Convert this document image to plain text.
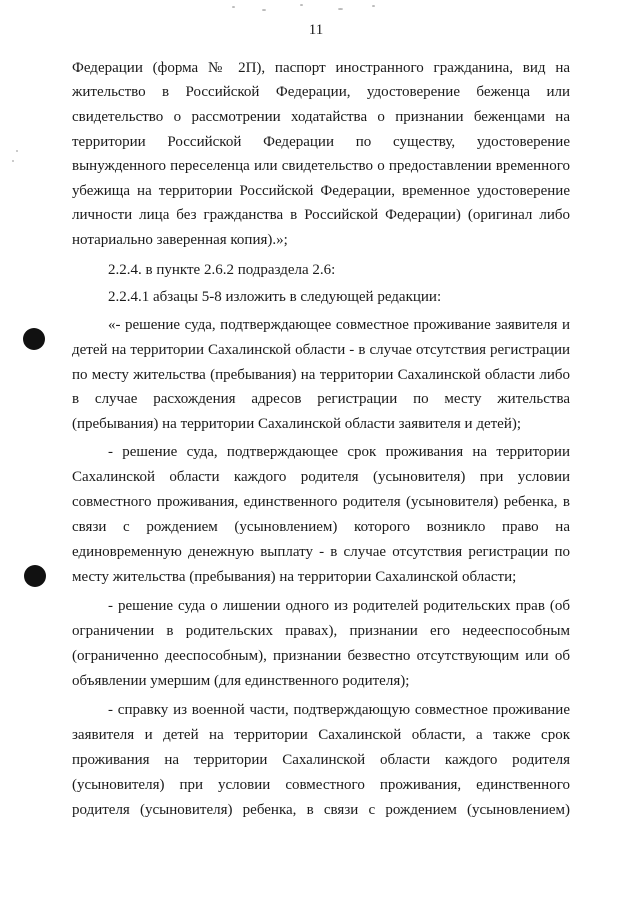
11
Федерации (форма № 2П), паспорт иностранного гражданина, вид на
жительство в Российской Федерации, удостоверение беженца или
свидетельство о рассмотрении ходатайства о признании беженцами на
территории Российской Федерации по существу, удостоверение
вынужденного переселенца или свидетельство о предоставлении временного
убежища на территории Российской Федерации, временное удостоверение
личности лица без гражданства в Российской Федерации) (оригинал либо
нотариально заверенная копия).»;
2.2.4. в пункте 2.6.2 подраздела 2.6:
2.2.4.1 абзацы 5-8 изложить в следующей редакции:
«- решение суда, подтверждающее совместное проживание заявителя и
детей на территории Сахалинской области - в случае отсутствия регистрации
по месту жительства (пребывания) на территории Сахалинской области либо
в случае расхождения адресов регистрации по месту жительства
(пребывания) на территории Сахалинской области заявителя и детей);
- решение суда, подтверждающее срок проживания на территории
Сахалинской области каждого родителя (усыновителя) при условии
совместного проживания, единственного родителя (усыновителя) ребенка, в
связи с рождением (усыновлением) которого возникло право на
единовременную денежную выплату - в случае отсутствия регистрации по
месту жительства (пребывания) на территории Сахалинской области;
- решение суда о лишении одного из родителей родительских прав (об
ограничении в родительских правах), признании его недееспособным
(ограниченно дееспособным), признании безвестно отсутствующим или об
объявлении умершим (для единственного родителя);
- справку из военной части, подтверждающую совместное проживание
заявителя и детей на территории Сахалинской области, а также срок
проживания на территории Сахалинской области каждого родителя
(усыновителя) при условии совместного проживания, единственного
родителя (усыновителя) ребенка, в связи с рождением (усыновлением)
